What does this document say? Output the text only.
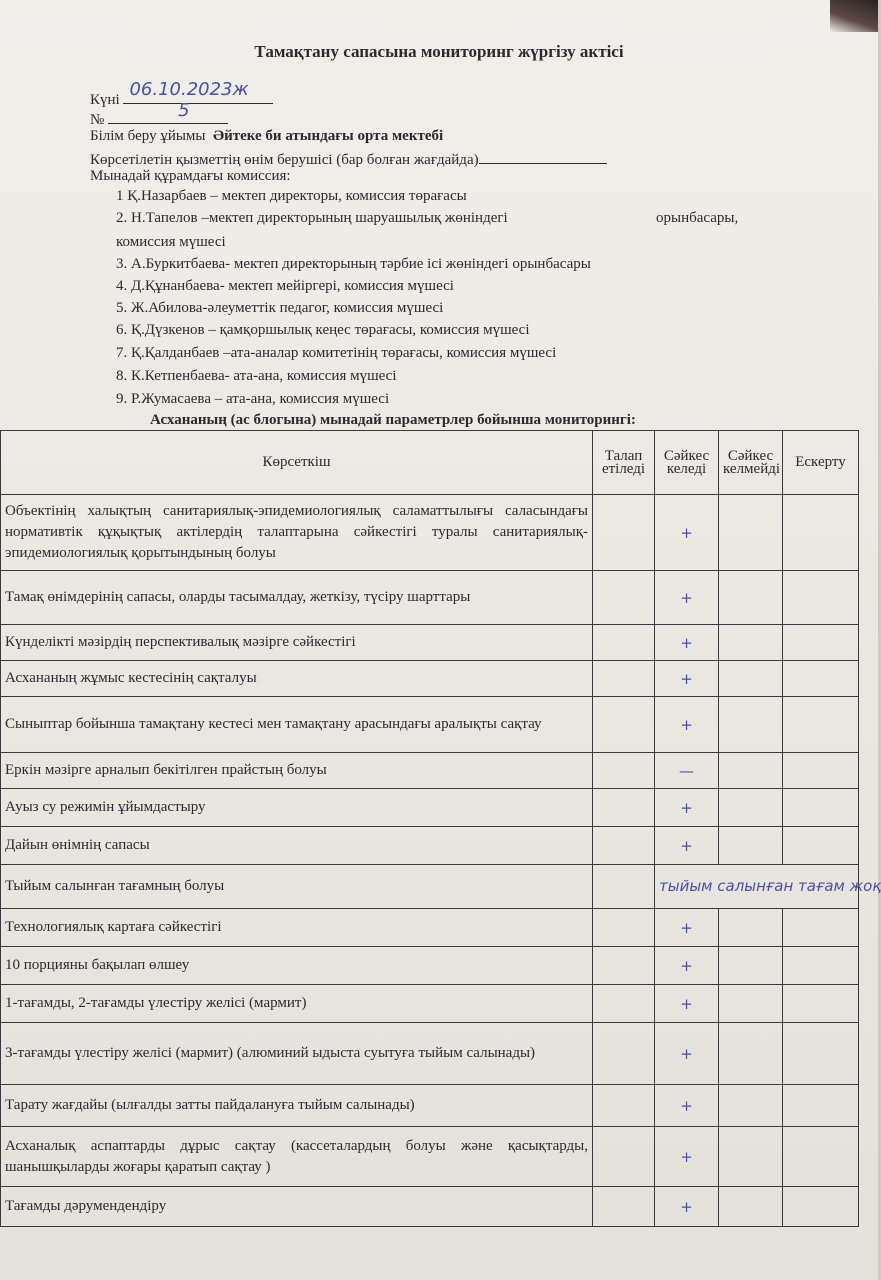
Тамақтану сапасына мониторинг жүргізу актісі
Күні 06.10.2023ж
№	5
Білім беру ұйымы Әйтеке би атындағы орта мектебі
Көрсетілетін қызметтің өнім берушісі (бар болған жағдайда)
Мынадай құрамдағы комиссия:
1 Қ.Назарбаев – мектеп директоры, комиссия төрағасы
2. Н.Тапелов –мектеп директорының шаруашылық жөніндегі	орынбасары,
комиссия мүшесі
3. А.Буркитбаева- мектеп директорының тәрбие ісі жөніндегі орынбасары
4. Д.Құнанбаева- мектеп мейіргері, комиссия мүшесі
5. Ж.Абилова-әлеуметтік педагог, комиссия мүшесі
6. Қ.Дүзкенов – қамқоршылық кеңес төрағасы, комиссия мүшесі
7. Қ.Қалданбаев –ата-аналар комитетінің төрағасы, комиссия мүшесі
8. К.Кетпенбаева- ата-ана, комиссия мүшесі
9. Р.Жумасаева – ата-ана, комиссия мүшесі
Асхананың (ас блогына) мынадай параметрлер бойынша мониторингі:
Көрсеткіш	Талап етіледі	Сәйкес келеді	Сәйкес келмейді	Ескерту
Объектінің халықтың санитариялық-эпидемиологиялық саламаттылығы саласындағы нормативтік құқықтық актілердің талаптарына сәйкестігі туралы санитариялық-эпидемиологиялық қорытындының болуы		+		
Тамақ өнімдерінің сапасы, оларды тасымалдау, жеткізу, түсіру шарттары		+		
Күнделікті мәзірдің перспективалық мәзірге сәйкестігі		+		
Асхананың жұмыс кестесінің сақталуы		+		
Сыныптар бойынша тамақтану кестесі мен тамақтану арасындағы аралықты сақтау		+		
Еркін мәзірге арналып бекітілген прайстың болуы		—		
Ауыз су режимін ұйымдастыру		+		
Дайын өнімнің сапасы		+		
Тыйым салынған тағамның болуы		тыйым салынған тағам жоқ		
Технологиялық картаға сәйкестігі		+		
10 порцияны бақылап өлшеу		+		
1-тағамды, 2-тағамды үлестіру желісі (мармит)		+		
3-тағамды үлестіру желісі (мармит) (алюминий ыдыста суытуға тыйым салынады)		+		
Тарату жағдайы (ылғалды затты пайдалануға тыйым салынады)		+		
Асханалық аспаптарды дұрыс сақтау (кассеталардың болуы және қасықтарды, шанышқыларды жоғары қаратып сақтау )		+		
Тағамды дәрумендендіру		+		
